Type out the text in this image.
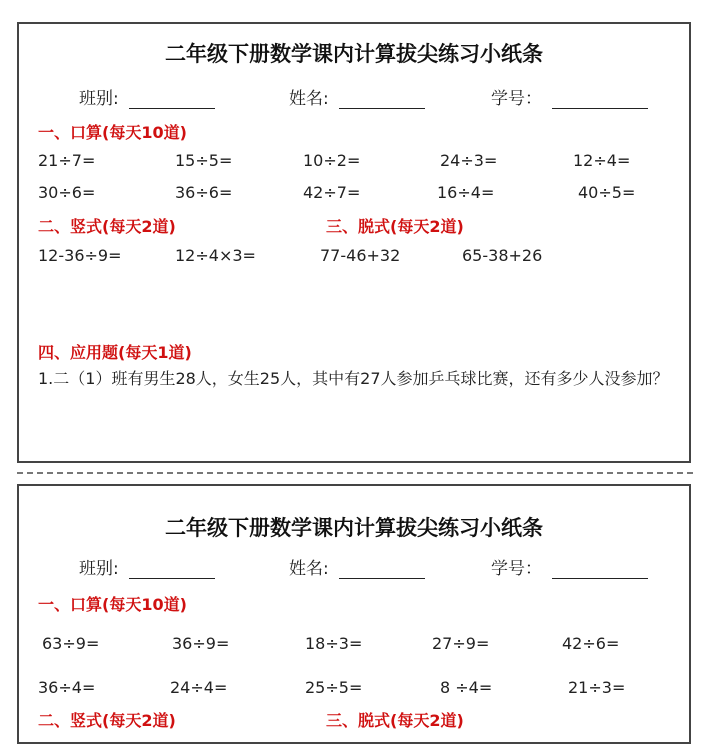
二年级下册数学课内计算拔尖练习小纸条
班别:	姓名:	学号：
一、口算(每天10道)
21÷7=	15÷5=	10÷2=	24÷3=	12÷4=
30÷6=	36÷6=	42÷7=	16÷4=	40÷5=
二、竖式(每天2道)	三、脱式(每天2道)
12-36÷9=	12÷4×3=	77-46+32	65-38+26
四、应用题(每天1道)
1.二（1）班有男生28人，女生25人，其中有27人参加乒乓球比赛，还有多少人没参加？
二年级下册数学课内计算拔尖练习小纸条
班别:	姓名:	学号：
一、口算(每天10道)
63÷9=	36÷9=	18÷3=	27÷9=	42÷6=
36÷4=	24÷4=	25÷5=	8 ÷4=	21÷3=
二、竖式(每天2道)	三、脱式(每天2道)
